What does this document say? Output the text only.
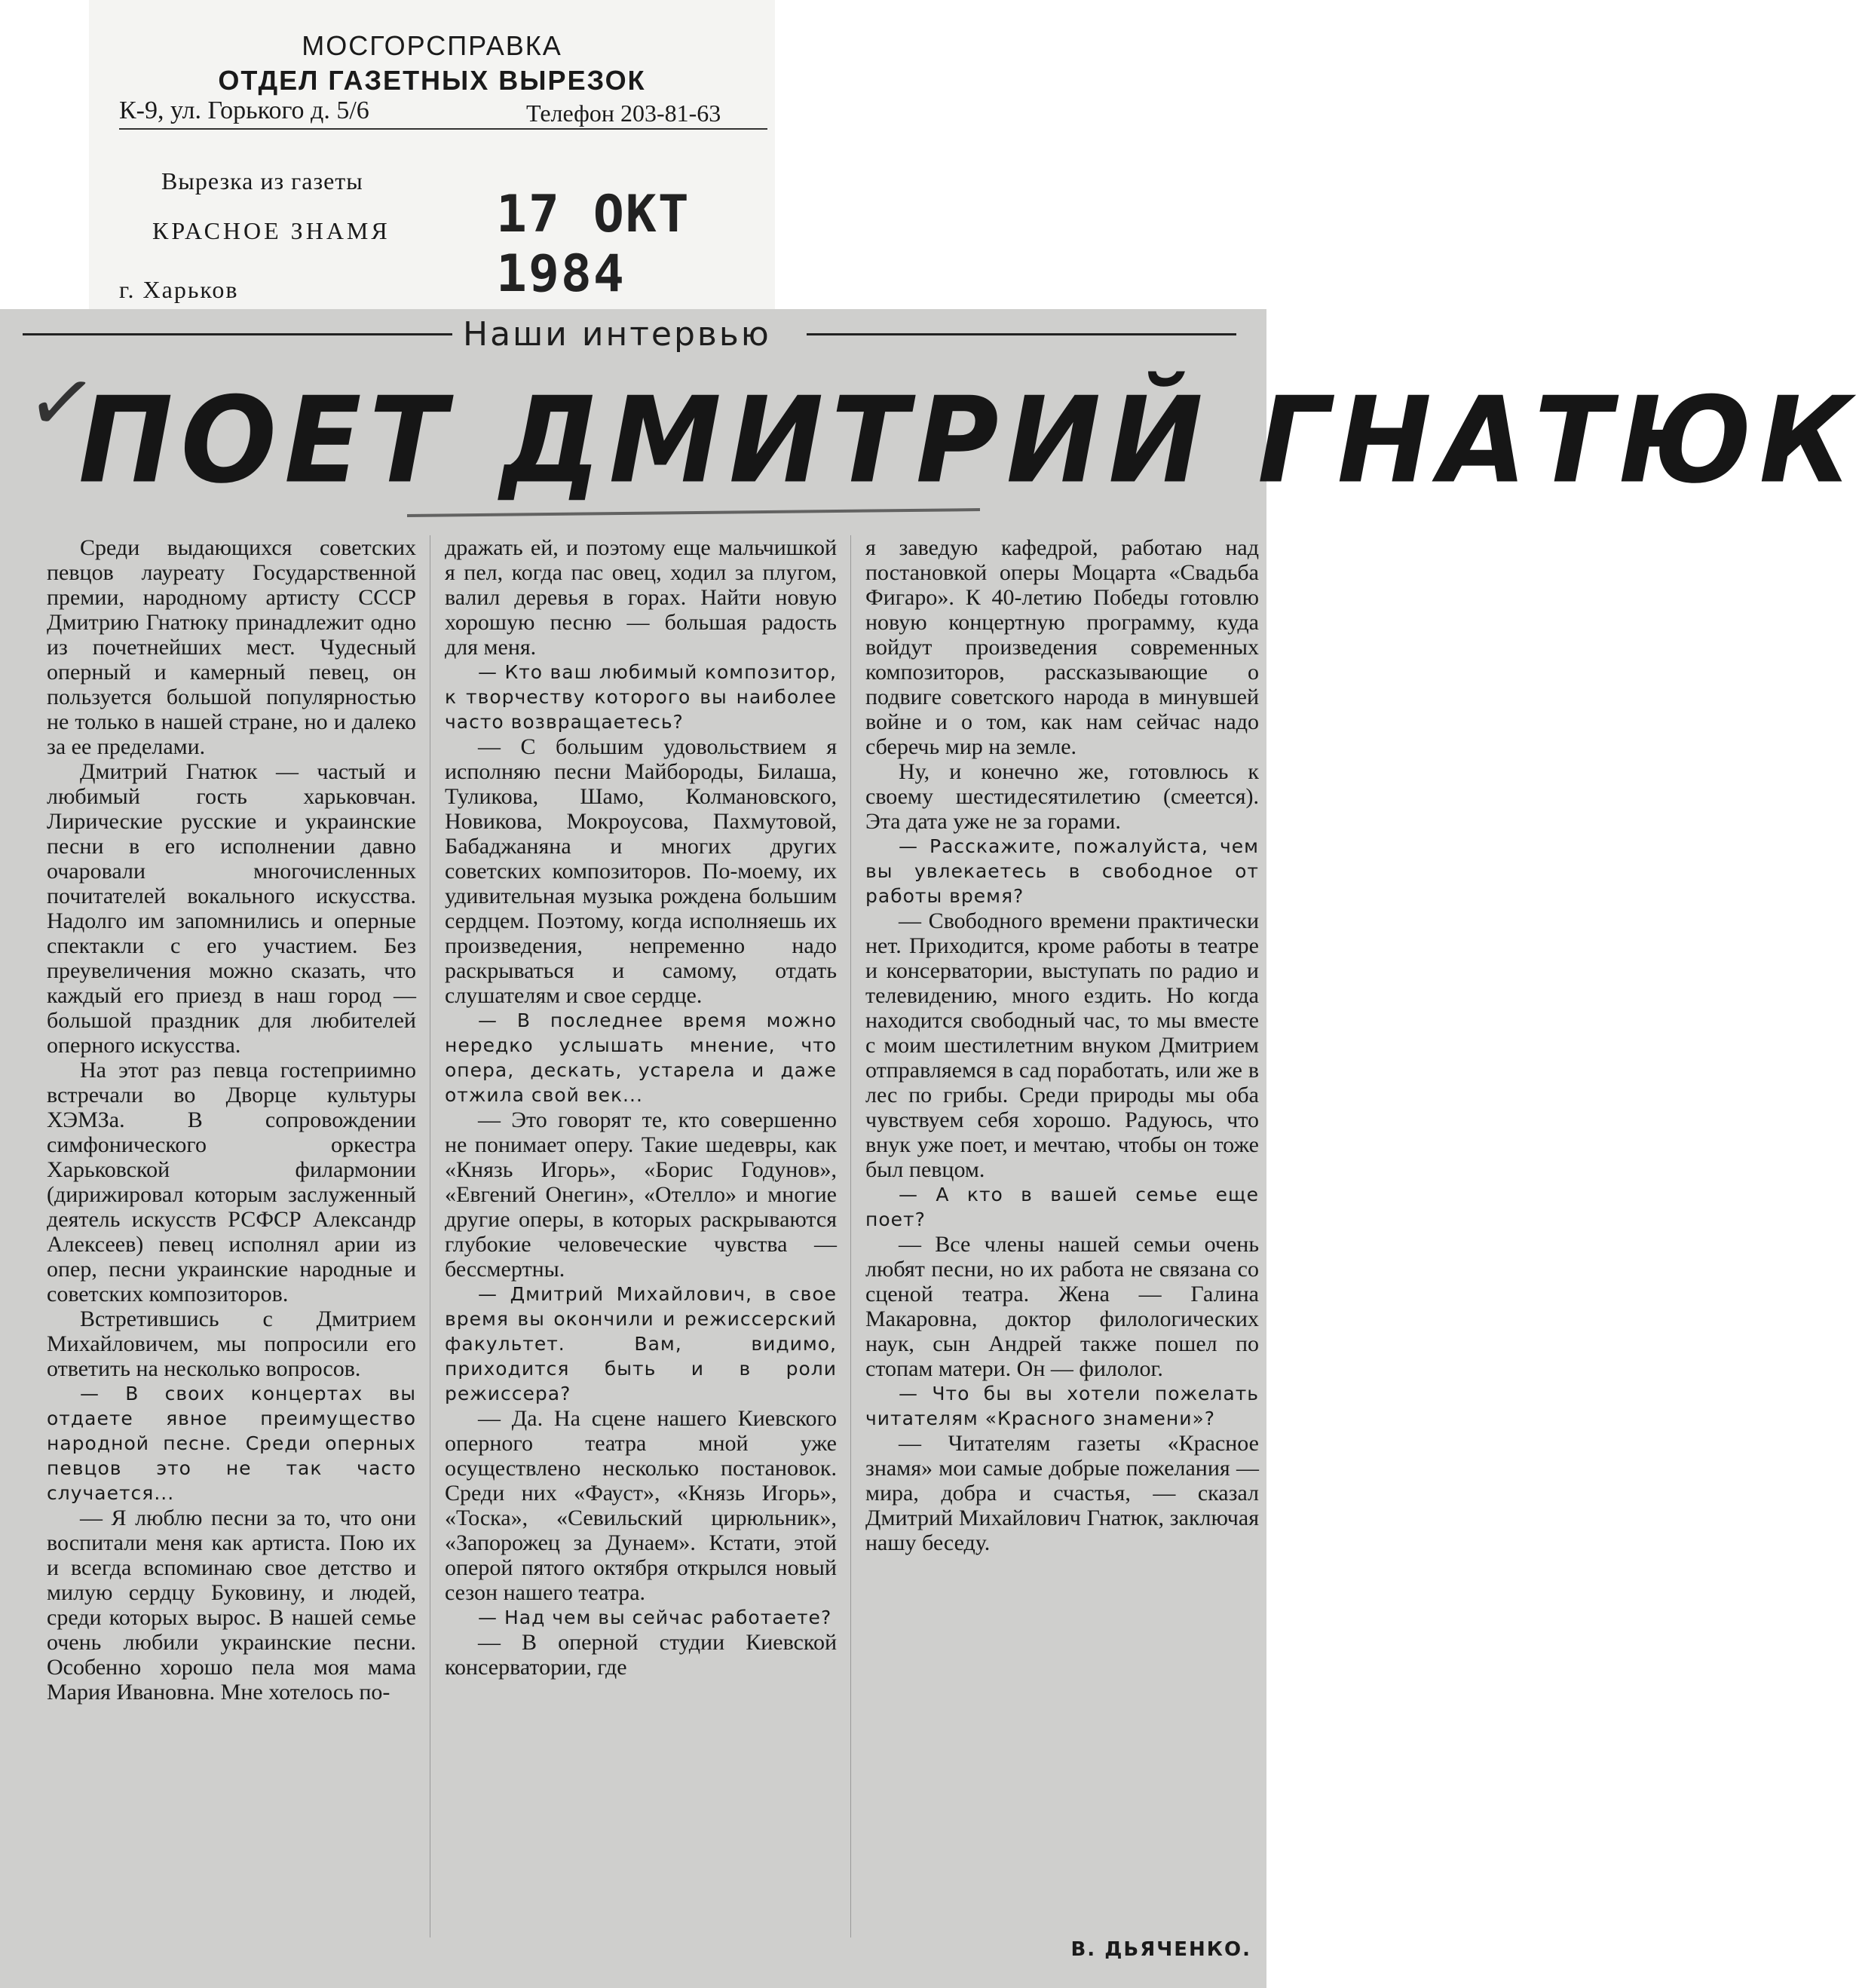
МОСГОРСПРАВКА
ОТДЕЛ ГАЗЕТНЫХ ВЫРЕЗОК
К-9, ул. Горького д. 5/6	Телефон 203-81-63
Вырезка из газеты
КРАСНОЕ ЗНАМЯ 17 ОКТ 1984
г. Харьков
Наши интервью
✓
ПОЕТ ДМИТРИЙ ГНАТЮК

Среди выдающихся советских певцов лауреату Государственной премии, народному артисту СССР Дмитрию Гнатюку принадлежит одно из почетнейших мест. Чудесный оперный и камерный певец, он пользуется большой популярностью не только в нашей стране, но и далеко за ее пределами.

Дмитрий Гнатюк — частый и любимый гость харьковчан. Лирические русские и украинские песни в его исполнении давно очаровали многочисленных почитателей вокального искусства. Надолго им запомнились и оперные спектакли с его участием. Без преувеличения можно сказать, что каждый его приезд в наш город — большой праздник для любителей оперного искусства.

На этот раз певца гостеприимно встречали во Дворце культуры ХЭМЗа. В сопровождении симфонического оркестра Харьковской филармонии (дирижировал которым заслуженный деятель искусств РСФСР Александр Алексеев) певец исполнял арии из опер, песни украинские народные и советских композиторов.

Встретившись с Дмитрием Михайловичем, мы попросили его ответить на несколько вопросов.

— В своих концертах вы отдаете явное преимущество народной песне. Среди оперных певцов это не так часто случается...

— Я люблю песни за то, что они воспитали меня как артиста. Пою их и всегда вспоминаю свое детство и милую сердцу Буковину, и людей, среди которых вырос. В нашей семье очень любили украинские песни. Особенно хорошо пела моя мама Мария Ивановна. Мне хотелось по-

дражать ей, и поэтому еще мальчишкой я пел, когда пас овец, ходил за плугом, валил деревья в горах. Найти новую хорошую песню — большая радость для меня.

— Кто ваш любимый композитор, к творчеству которого вы наиболее часто возвращаетесь?

— С большим удовольствием я исполняю песни Майбороды, Билаша, Туликова, Шамо, Колмановского, Новикова, Мокроусова, Пахмутовой, Бабаджаняна и многих других советских композиторов. По-моему, их удивительная музыка рождена большим сердцем. Поэтому, когда исполняешь их произведения, непременно надо раскрываться и самому, отдать слушателям и свое сердце.

— В последнее время можно нередко услышать мнение, что опера, дескать, устарела и даже отжила свой век...

— Это говорят те, кто совершенно не понимает оперу. Такие шедевры, как «Князь Игорь», «Борис Годунов», «Евгений Онегин», «Отелло» и многие другие оперы, в которых раскрываются глубокие человеческие чувства — бессмертны.

— Дмитрий Михайлович, в свое время вы окончили и режиссерский факультет. Вам, видимо, приходится быть и в роли режиссера?

— Да. На сцене нашего Киевского оперного театра мной уже осуществлено несколько постановок. Среди них «Фауст», «Князь Игорь», «Тоска», «Севильский цирюльник», «Запорожец за Дунаем». Кстати, этой оперой пятого октября открылся новый сезон нашего театра.

— Над чем вы сейчас работаете?

— В оперной студии Киевской консерватории, где

я заведую кафедрой, работаю над постановкой оперы Моцарта «Свадьба Фигаро». К 40-летию Победы готовлю новую концертную программу, куда войдут произведения современных композиторов, рассказывающие о подвиге советского народа в минувшей войне и о том, как нам сейчас надо сберечь мир на земле.

Ну, и конечно же, готовлюсь к своему шестидесятилетию (смеется). Эта дата уже не за горами.

— Расскажите, пожалуйста, чем вы увлекаетесь в свободное от работы время?

— Свободного времени практически нет. Приходится, кроме работы в театре и консерватории, выступать по радио и телевидению, много ездить. Но когда находится свободный час, то мы вместе с моим шестилетним внуком Дмитрием отправляемся в сад поработать, или же в лес по грибы. Среди природы мы оба чувствуем себя хорошо. Радуюсь, что внук уже поет, и мечтаю, чтобы он тоже был певцом.

— А кто в вашей семье еще поет?

— Все члены нашей семьи очень любят песни, но их работа не связана со сценой театра. Жена — Галина Макаровна, доктор филологических наук, сын Андрей также пошел по стопам матери. Он — филолог.

— Что бы вы хотели пожелать читателям «Красного знамени»?

— Читателям газеты «Красное знамя» мои самые добрые пожелания — мира, добра и счастья, — сказал Дмитрий Михайлович Гнатюк, заключая нашу беседу.

В. ДЬЯЧЕНКО.
